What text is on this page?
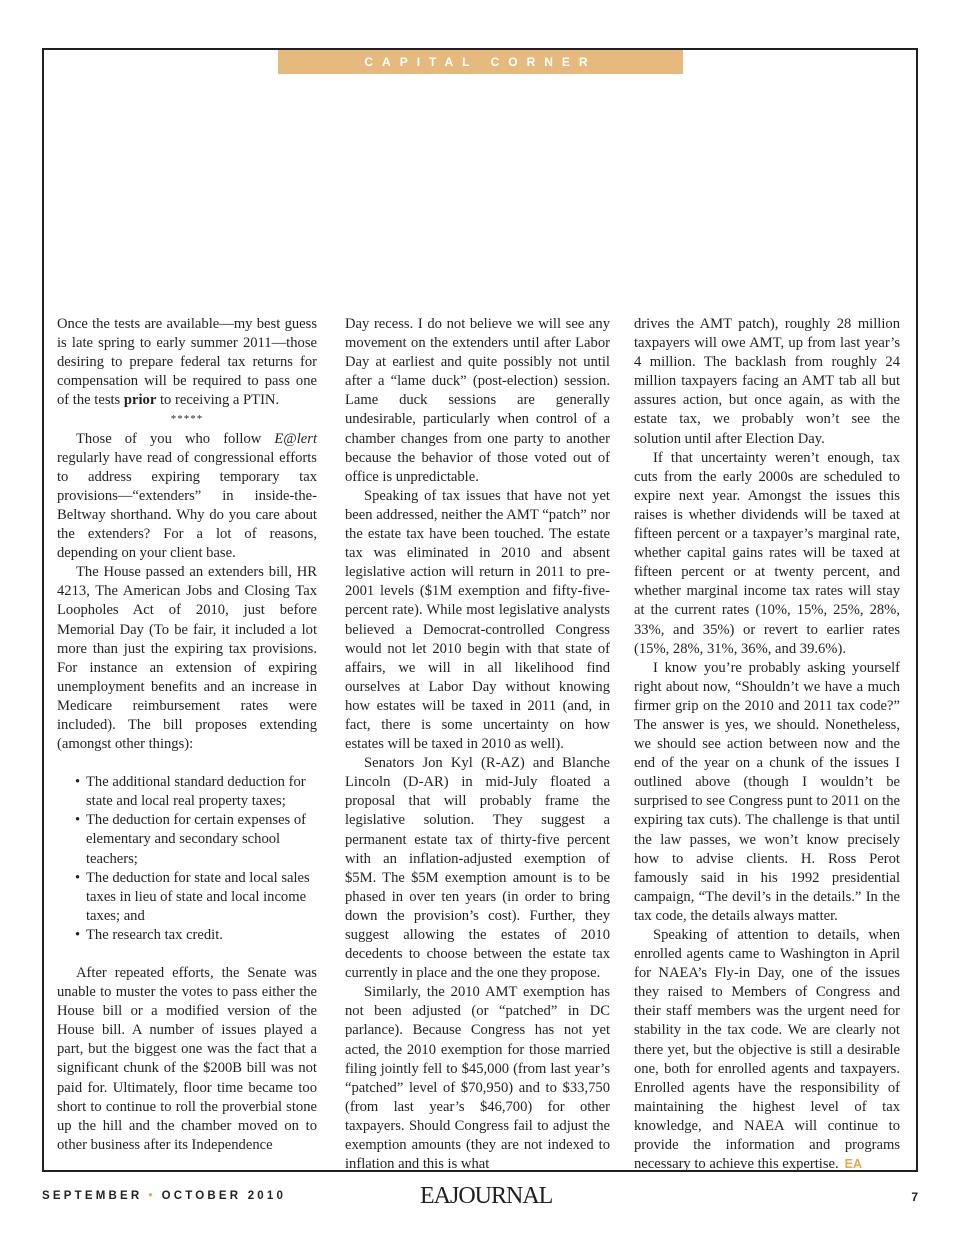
CAPITAL CORNER

Once the tests are available—my best guess is late spring to early summer 2011—those desiring to prepare federal tax returns for compensation will be required to pass one of the tests prior to receiving a PTIN.

*****

Those of you who follow E@lert regularly have read of congressional efforts to address expiring temporary tax provisions—“extenders” in inside-the-Beltway shorthand. Why do you care about the extenders? For a lot of reasons, depending on your client base.

The House passed an extenders bill, HR 4213, The American Jobs and Closing Tax Loopholes Act of 2010, just before Memorial Day (To be fair, it included a lot more than just the expiring tax provisions. For instance an extension of expiring unemployment benefits and an increase in Medicare reimbursement rates were included). The bill proposes extending (amongst other things):

• The additional standard deduction for state and local real property taxes;
• The deduction for certain expenses of elementary and secondary school teachers;
• The deduction for state and local sales taxes in lieu of state and local income taxes; and
• The research tax credit.

After repeated efforts, the Senate was unable to muster the votes to pass either the House bill or a modified version of the House bill. A number of issues played a part, but the biggest one was the fact that a significant chunk of the $200B bill was not paid for. Ultimately, floor time became too short to continue to roll the proverbial stone up the hill and the chamber moved on to other business after its Independence

Day recess. I do not believe we will see any movement on the extenders until after Labor Day at earliest and quite possibly not until after a “lame duck” (post-election) session. Lame duck sessions are generally undesirable, particularly when control of a chamber changes from one party to another because the behavior of those voted out of office is unpredictable.

Speaking of tax issues that have not yet been addressed, neither the AMT “patch” nor the estate tax have been touched. The estate tax was eliminated in 2010 and absent legislative action will return in 2011 to pre-2001 levels ($1M exemption and fifty-five-percent rate). While most legislative analysts believed a Democrat-controlled Congress would not let 2010 begin with that state of affairs, we will in all likelihood find ourselves at Labor Day without knowing how estates will be taxed in 2011 (and, in fact, there is some uncertainty on how estates will be taxed in 2010 as well).

Senators Jon Kyl (R-AZ) and Blanche Lincoln (D-AR) in mid-July floated a proposal that will probably frame the legislative solution. They suggest a permanent estate tax of thirty-five percent with an inflation-adjusted exemption of $5M. The $5M exemption amount is to be phased in over ten years (in order to bring down the provision’s cost). Further, they suggest allowing the estates of 2010 decedents to choose between the estate tax currently in place and the one they propose.

Similarly, the 2010 AMT exemption has not been adjusted (or “patched” in DC parlance). Because Congress has not yet acted, the 2010 exemption for those married filing jointly fell to $45,000 (from last year’s “patched” level of $70,950) and to $33,750 (from last year’s $46,700) for other taxpayers. Should Congress fail to adjust the exemption amounts (they are not indexed to inflation and this is what

drives the AMT patch), roughly 28 million taxpayers will owe AMT, up from last year’s 4 million. The backlash from roughly 24 million taxpayers facing an AMT tab all but assures action, but once again, as with the estate tax, we probably won’t see the solution until after Election Day.

If that uncertainty weren’t enough, tax cuts from the early 2000s are scheduled to expire next year. Amongst the issues this raises is whether dividends will be taxed at fifteen percent or a taxpayer’s marginal rate, whether capital gains rates will be taxed at fifteen percent or at twenty percent, and whether marginal income tax rates will stay at the current rates (10%, 15%, 25%, 28%, 33%, and 35%) or revert to earlier rates (15%, 28%, 31%, 36%, and 39.6%).

I know you’re probably asking yourself right about now, “Shouldn’t we have a much firmer grip on the 2010 and 2011 tax code?” The answer is yes, we should. Nonetheless, we should see action between now and the end of the year on a chunk of the issues I outlined above (though I wouldn’t be surprised to see Congress punt to 2011 on the expiring tax cuts). The challenge is that until the law passes, we won’t know precisely how to advise clients. H. Ross Perot famously said in his 1992 presidential campaign, “The devil’s in the details.” In the tax code, the details always matter.

Speaking of attention to details, when enrolled agents came to Washington in April for NAEA’s Fly-in Day, one of the issues they raised to Members of Congress and their staff members was the urgent need for stability in the tax code. We are clearly not there yet, but the objective is still a desirable one, both for enrolled agents and taxpayers. Enrolled agents have the responsibility of maintaining the highest level of tax knowledge, and NAEA will continue to provide the information and programs necessary to achieve this expertise. EA

SEPTEMBER • OCTOBER 2010	EAJOURNAL	7
